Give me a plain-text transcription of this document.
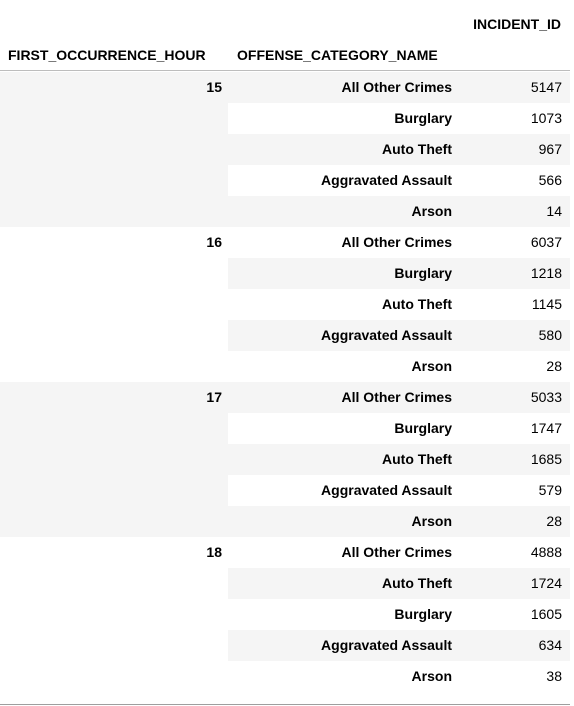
INCIDENT_ID
FIRST_OCCURRENCE_HOUR	OFFENSE_CATEGORY_NAME
15	All Other Crimes	5147
Burglary	1073
Auto Theft	967
Aggravated Assault	566
Arson	14
16	All Other Crimes	6037
Burglary	1218
Auto Theft	1145
Aggravated Assault	580
Arson	28
17	All Other Crimes	5033
Burglary	1747
Auto Theft	1685
Aggravated Assault	579
Arson	28
18	All Other Crimes	4888
Auto Theft	1724
Burglary	1605
Aggravated Assault	634
Arson	38
